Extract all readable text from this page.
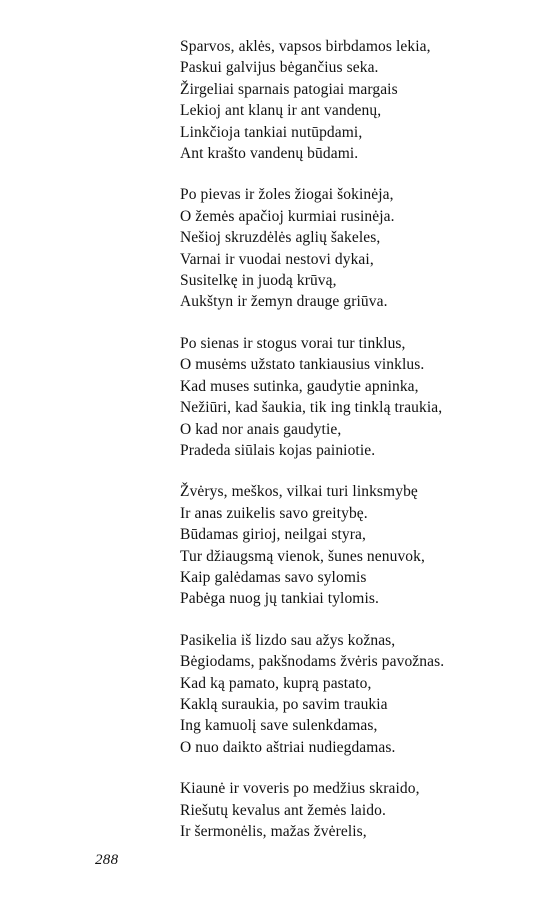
Sparvos, aklės, vapsos birbdamos lekia,
Paskui galvijus bėgančius seka.
Žirgeliai sparnais patogiai margais
Lekioj ant klanų ir ant vandenų,
Linkčioja tankiai nutūpdami,
Ant krašto vandenų būdami.
Po pievas ir žoles žiogai šokinėja,
O žemės apačioj kurmiai rusinėja.
Nešioj skruzdėlės aglių šakeles,
Varnai ir vuodai nestovi dykai,
Susitelkę in juodą krūvą,
Aukštyn ir žemyn drauge griūva.
Po sienas ir stogus vorai tur tinklus,
O musėms užstato tankiausius vinklus.
Kad muses sutinka, gaudytie apninka,
Nežiūri, kad šaukia, tik ing tinklą traukia,
O kad nor anais gaudytie,
Pradeda siūlais kojas painiotie.
Žvėrys, meškos, vilkai turi linksmybę
Ir anas zuikelis savo greitybę.
Būdamas girioj, neilgai styra,
Tur džiaugsmą vienok, šunes nenuvok,
Kaip galėdamas savo sylomis
Pabėga nuog jų tankiai tylomis.
Pasikelia iš lizdo sau ažys kožnas,
Bėgiodams, pakšnodams žvėris pavožnas.
Kad ką pamato, kuprą pastato,
Kaklą suraukia, po savim traukia
Ing kamuolį save sulenkdamas,
O nuo daikto aštriai nudiegdamas.
Kiaunė ir voveris po medžius skraido,
Riešutų kevalus ant žemės laido.
Ir šermonėlis, mažas žvėrelis,
288
